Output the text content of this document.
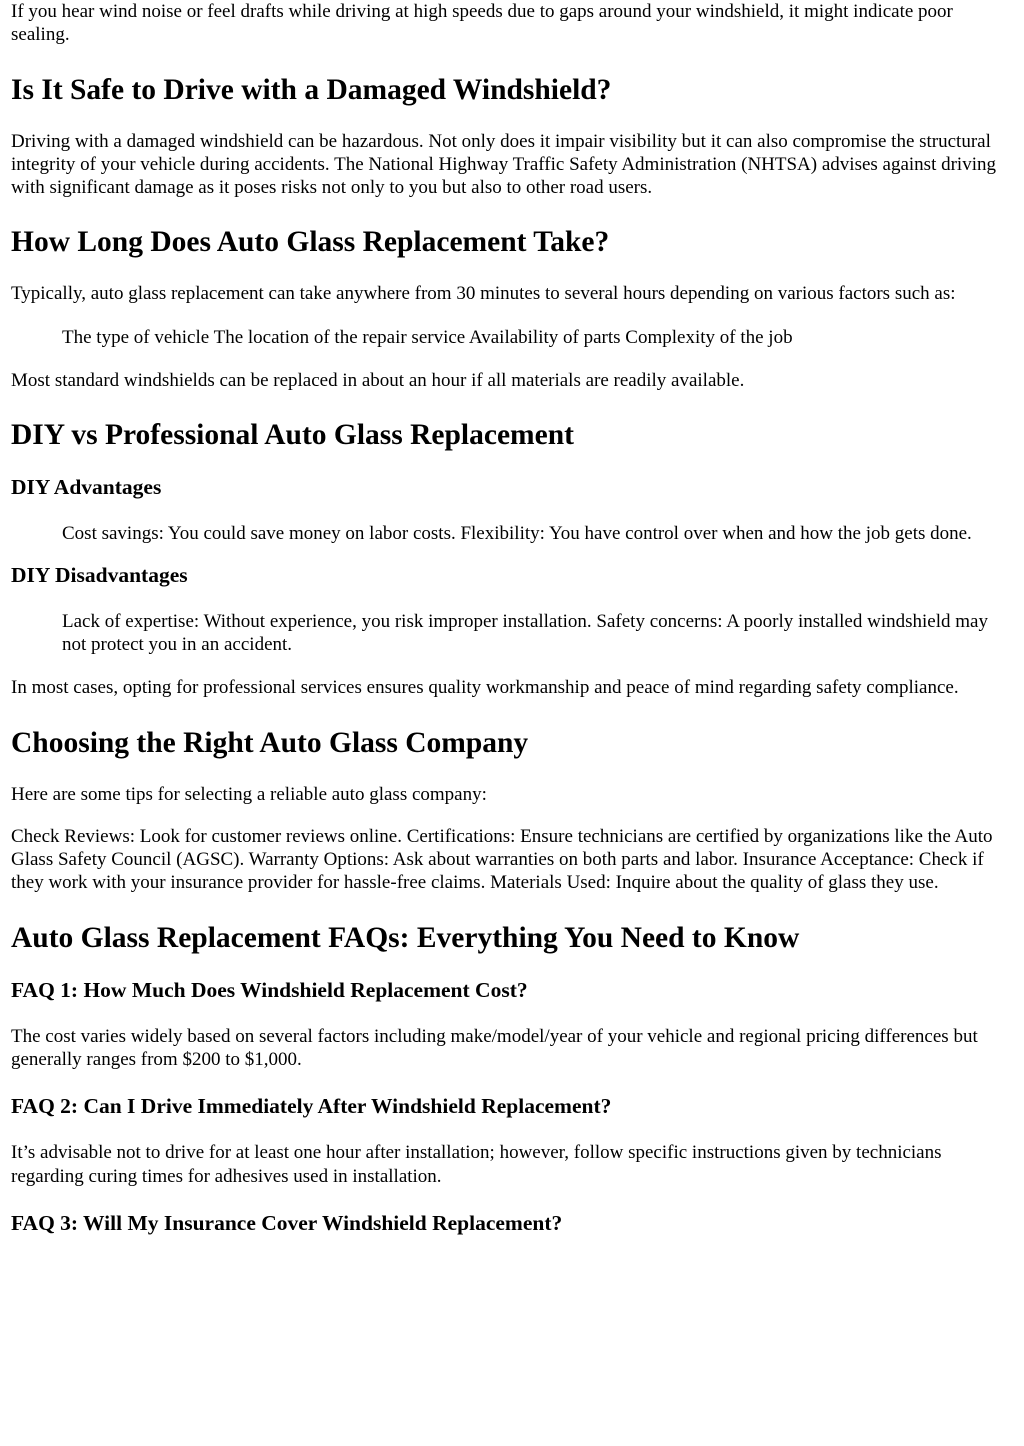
If you hear wind noise or feel drafts while driving at high speeds due to gaps around your windshield, it might indicate poor sealing.

Is It Safe to Drive with a Damaged Windshield?

Driving with a damaged windshield can be hazardous. Not only does it impair visibility but it can also compromise the structural integrity of your vehicle during accidents. The National Highway Traffic Safety Administration (NHTSA) advises against driving with significant damage as it poses risks not only to you but also to other road users.

How Long Does Auto Glass Replacement Take?

Typically, auto glass replacement can take anywhere from 30 minutes to several hours depending on various factors such as:

The type of vehicle The location of the repair service Availability of parts Complexity of the job

Most standard windshields can be replaced in about an hour if all materials are readily available.

DIY vs Professional Auto Glass Replacement
DIY Advantages

Cost savings: You could save money on labor costs. Flexibility: You have control over when and how the job gets done.

DIY Disadvantages

Lack of expertise: Without experience, you risk improper installation. Safety concerns: A poorly installed windshield may not protect you in an accident.

In most cases, opting for professional services ensures quality workmanship and peace of mind regarding safety compliance.

Choosing the Right Auto Glass Company

Here are some tips for selecting a reliable auto glass company:

Check Reviews: Look for customer reviews online. Certifications: Ensure technicians are certified by organizations like the Auto Glass Safety Council (AGSC). Warranty Options: Ask about warranties on both parts and labor. Insurance Acceptance: Check if they work with your insurance provider for hassle-free claims. Materials Used: Inquire about the quality of glass they use.

Auto Glass Replacement FAQs: Everything You Need to Know
FAQ 1: How Much Does Windshield Replacement Cost?

The cost varies widely based on several factors including make/model/year of your vehicle and regional pricing differences but generally ranges from $200 to $1,000.

FAQ 2: Can I Drive Immediately After Windshield Replacement?

It’s advisable not to drive for at least one hour after installation; however, follow specific instructions given by technicians regarding curing times for adhesives used in installation.

FAQ 3: Will My Insurance Cover Windshield Replacement?
